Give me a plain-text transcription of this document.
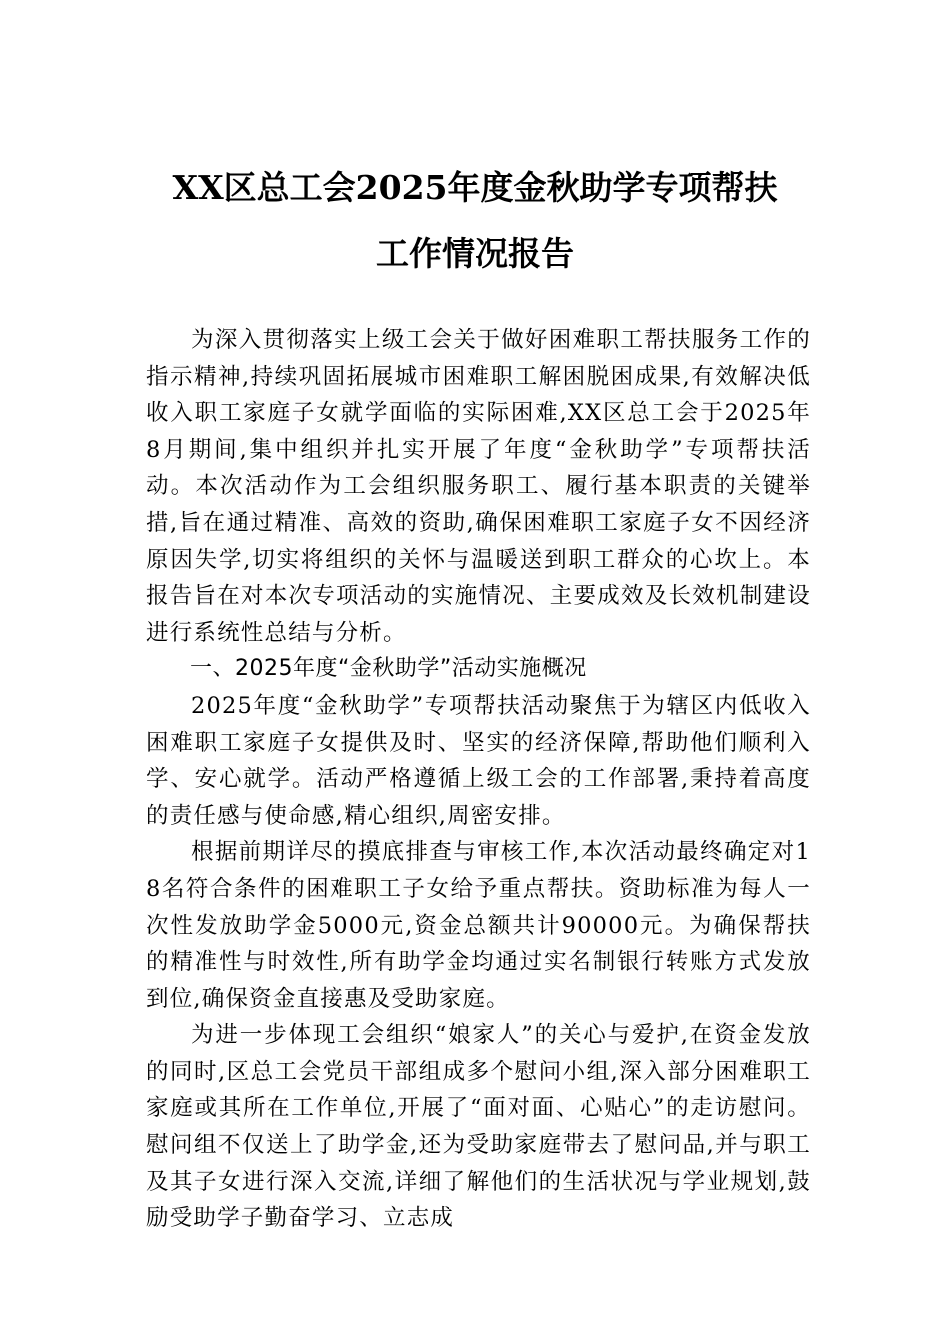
XX区总工会2025年度金秋助学专项帮扶
工作情况报告

为深入贯彻落实上级工会关于做好困难职工帮扶服务工作的指示精神,持续巩固拓展城市困难职工解困脱困成果,有效解决低收入职工家庭子女就学面临的实际困难,XX区总工会于2025年8月期间,集中组织并扎实开展了年度“金秋助学”专项帮扶活动。本次活动作为工会组织服务职工、履行基本职责的关键举措,旨在通过精准、高效的资助,确保困难职工家庭子女不因经济原因失学,切实将组织的关怀与温暖送到职工群众的心坎上。本报告旨在对本次专项活动的实施情况、主要成效及长效机制建设进行系统性总结与分析。

一、2025年度“金秋助学”活动实施概况

2025年度“金秋助学”专项帮扶活动聚焦于为辖区内低收入困难职工家庭子女提供及时、坚实的经济保障,帮助他们顺利入学、安心就学。活动严格遵循上级工会的工作部署,秉持着高度的责任感与使命感,精心组织,周密安排。

根据前期详尽的摸底排查与审核工作,本次活动最终确定对18名符合条件的困难职工子女给予重点帮扶。资助标准为每人一次性发放助学金5000元,资金总额共计90000元。为确保帮扶的精准性与时效性,所有助学金均通过实名制银行转账方式发放到位,确保资金直接惠及受助家庭。

为进一步体现工会组织“娘家人”的关心与爱护,在资金发放的同时,区总工会党员干部组成多个慰问小组,深入部分困难职工家庭或其所在工作单位,开展了“面对面、心贴心”的走访慰问。慰问组不仅送上了助学金,还为受助家庭带去了慰问品,并与职工及其子女进行深入交流,详细了解他们的生活状况与学业规划,鼓励受助学子勤奋学习、立志成
